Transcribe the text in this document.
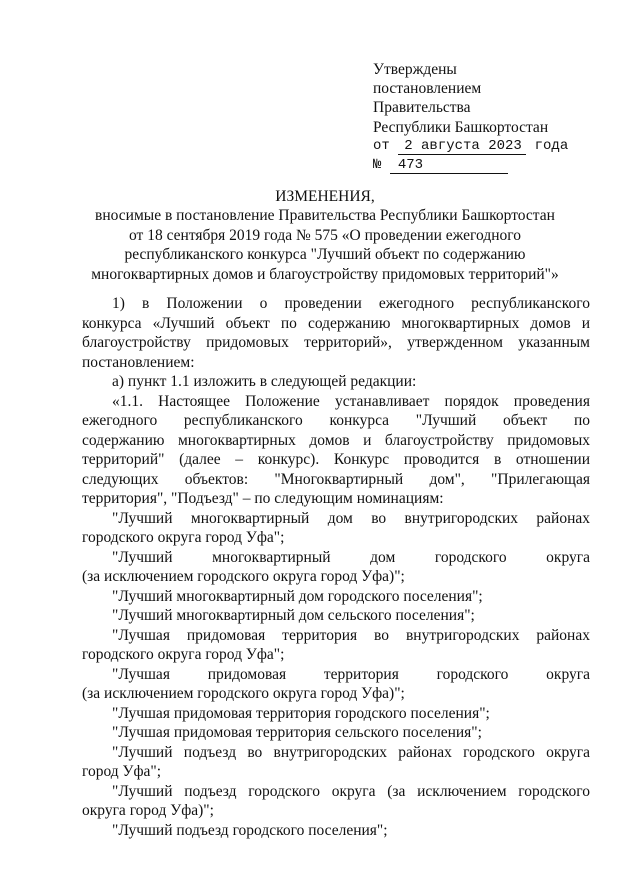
Утверждены
постановлением
Правительства
Республики Башкортостан
от 2 августа 2023 года
№ 473
ИЗМЕНЕНИЯ,
вносимые в постановление Правительства Республики Башкортостан
от 18 сентября 2019 года № 575 «О проведении ежегодного
республиканского конкурса "Лучший объект по содержанию
многоквартирных домов и благоустройству придомовых территорий"»
1) в Положении о проведении ежегодного республиканского
конкурса «Лучший объект по содержанию многоквартирных домов и
благоустройству придомовых территорий», утвержденном указанным
постановлением:
а) пункт 1.1 изложить в следующей редакции:
«1.1. Настоящее Положение устанавливает порядок проведения
ежегодного республиканского конкурса "Лучший объект по
содержанию многоквартирных домов и благоустройству придомовых
территорий" (далее – конкурс). Конкурс проводится в отношении
следующих объектов: "Многоквартирный дом", "Прилегающая
территория", "Подъезд" – по следующим номинациям:
"Лучший многоквартирный дом во внутригородских районах
городского округа город Уфа";
"Лучший многоквартирный дом городского округа
(за исключением городского округа город Уфа)";
"Лучший многоквартирный дом городского поселения";
"Лучший многоквартирный дом сельского поселения";
"Лучшая придомовая территория во внутригородских районах
городского округа город Уфа";
"Лучшая придомовая территория городского округа
(за исключением городского округа город Уфа)";
"Лучшая придомовая территория городского поселения";
"Лучшая придомовая территория сельского поселения";
"Лучший подъезд во внутригородских районах городского округа
город Уфа";
"Лучший подъезд городского округа (за исключением городского
округа город Уфа)";
"Лучший подъезд городского поселения";
